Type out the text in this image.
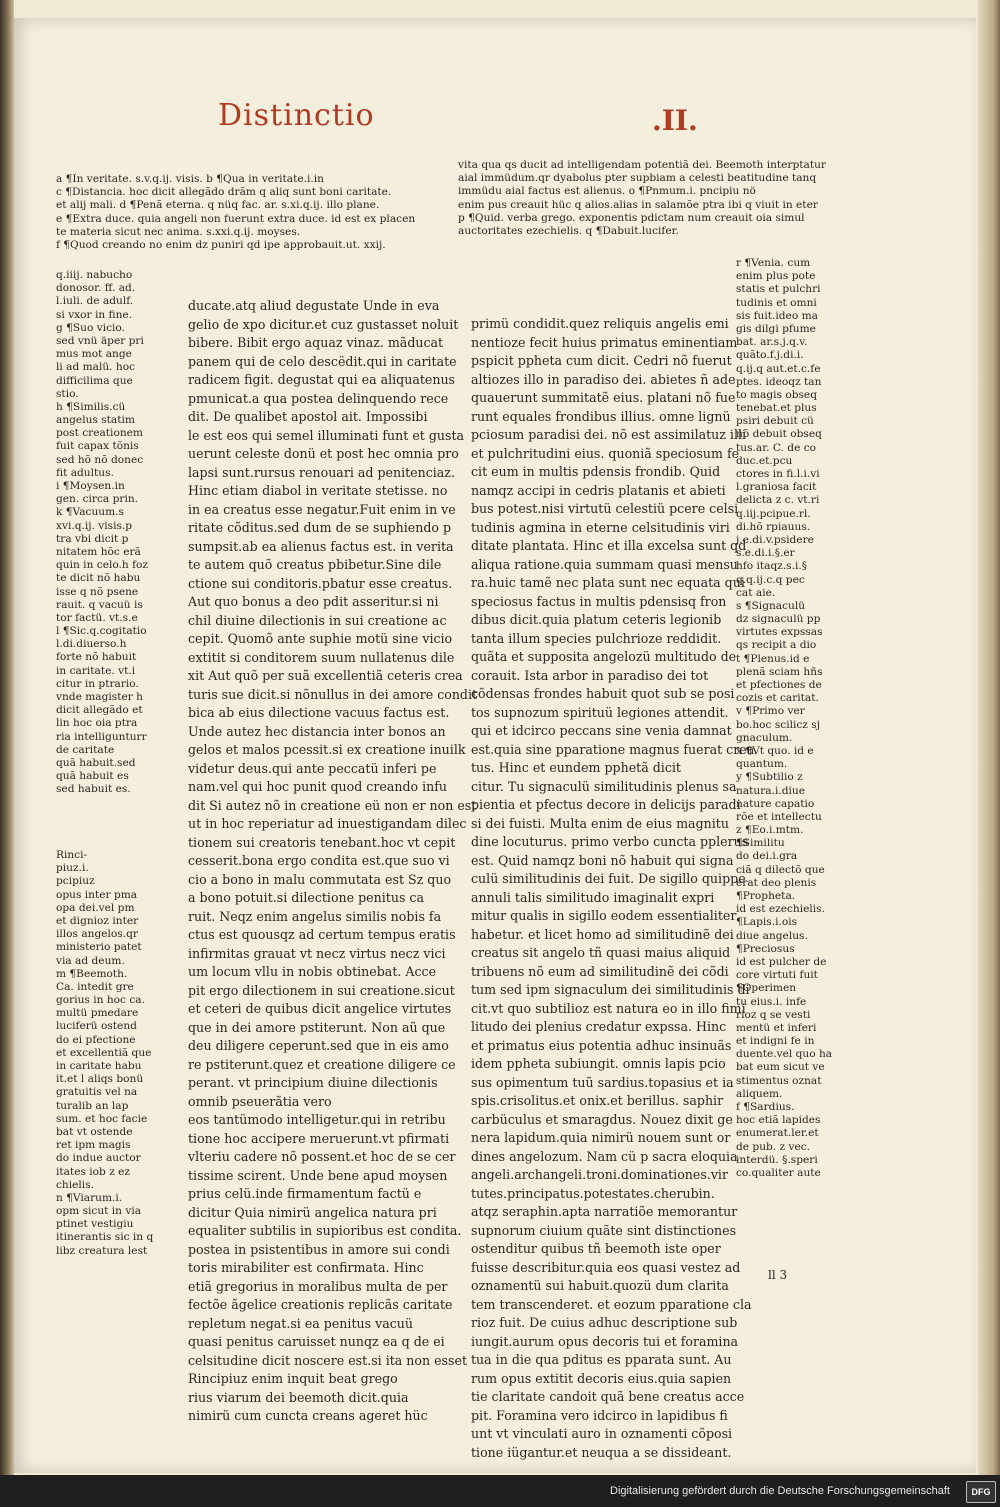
Distinctio	.II.
a ¶In veritate. s.v.q.ij. visis. b ¶Qua in veritate.i.in
c ¶Distancia. hoc dicit allegãdo drãm q aliq sunt boni caritate.
et alij mali. d ¶Penã eterna. q nüq fac. ar. s.xi.q.ij. illo plane.
e ¶Extra duce. quia angeli non fuerunt extra duce. id est ex placen
te materia sicut nec anima. s.xxi.q.ij. moyses.
f ¶Quod creando no enim dz puniri qd ipe approbauit.ut. xxij.
vita qua qs ducit ad intelligendam potentiã dei. Beemoth interptatur
aial immüdum.qr dyabolus pter supbiam a celesti beatitudine tanq
immüdu aial factus est alienus. o ¶Pnmum.i. pncipiu nö
enim pus creauit hüc q alios.alias in salamõe ptra ibi q viuit in eter
p ¶Quid. verba grego. exponentis pdictam num creauit oia simul
auctoritates ezechielis. q ¶Dabuit.lucifer.
q.iiij. nabucho
donosor. ff. ad.
l.iuli. de adulf.
si vxor in fine.
g ¶Suo vicio.
sed vnü äper pri
mus mot ange
li ad malü. hoc
difficilima que
stio.
h ¶Similis.cü
angelus statim
post creationem
fuit capax tõnis
sed hõ nõ donec
fit adultus.
i ¶Moysen.in
gen. circa prin.
k ¶Vacuum.s
xvi.q.ij. visis.p
tra vbi dicit p
nitatem hõc erã
quin in celo.h foz
te dicit nõ habu
isse q nõ psene
rauit. q vacuü is
tor factü. vt.s.e
l ¶Sic.q.cogitatio
l.di.diuerso.h
forte nõ habuit
in caritate. vt.i
citur in ptrario.
vnde magister h
dicit allegãdo et
lin hoc oia ptra
ria intelligunturr
de caritate
quã habuit.sed
quã habuit es
sed habuit es.
Rinci-
piuz.i.
pcipiuz
opus inter pma
opa dei.vel pm
et dignioz inter
illos angelos.qr
ministerio patet
via ad deum.
m ¶Beemoth.
Ca. intedit gre
gorius in hoc ca.
multü pmedare
luciferü ostend
do ei pfectione
et excellentiã que
in caritate habu
it.et l aliqs bonü
gratuitis vel na
turalib an lap
sum. et hoc facie
bat vt ostende
ret ipm magis
do indue auctor
itates iob z ez
chielis.
n ¶Viarum.i.
opm sicut in via
ptinet vestigiu
itinerantis sic in q
libz creatura lest
ducate.atq aliud degustate Unde in eva
gelio de xpo dicitur.et cuz gustasset noluit
bibere. Bibit ergo aquaz vinaz. mãducat
panem qui de celo descëdit.qui in caritate
radicem figit. degustat qui ea aliquatenus
pmunicat.a qua postea delinquendo rece
dit. De qualibet apostol ait. Impossibi
le est eos qui semel illuminati funt et gusta
uerunt celeste donü et post hec omnia pro
lapsi sunt.rursus renouari ad penitenciaz.
Hinc etiam diabol in veritate stetisse. no
in ea creatus esse negatur.Fuit enim in ve
ritate cõditus.sed dum de se suphiendo p
sumpsit.ab ea alienus factus est. in verita
te autem quõ creatus pbibetur.Sine dile
ctione sui conditoris.pbatur esse creatus.
Aut quo bonus a deo pdit asseritur.si ni
chil diuine dilectionis in sui creatione ac
cepit. Quomõ ante suphie motü sine vicio
extitit si conditorem suum nullatenus dile
xit Aut quõ per suã excellentiã ceteris crea
turis sue dicit.si nõnullus in dei amore condit
bica ab eius dilectione vacuus factus est.
Unde autez hec distancia inter bonos an
gelos et malos pcessit.si ex creatione inuilk
videtur deus.qui ante peccatü inferi pe
nam.vel qui hoc punit quod creando infu
dit Si autez nõ in creatione eü non er non est
ut in hoc reperiatur ad inuestigandam dilec
tionem sui creatoris tenebant.hoc vt cepit
cesserit.bona ergo condita est.que suo vi
cio a bono in malu commutata est Sz quo
a bono potuit.si dilectione penitus ca
ruit. Neqz enim angelus similis nobis fa
ctus est quousqz ad certum tempus eratis
infirmitas grauat vt necz virtus necz vici
um locum vllu in nobis obtinebat. Acce
pit ergo dilectionem in sui creatione.sicut
et ceteri de quibus dicit angelice virtutes
que in dei amore pstiterunt. Non aũ que
deu diligere ceperunt.sed que in eis amo
re pstiterunt.quez et creatione diligere ce
perant. vt principium diuine dilectionis
omnib pseuerãtia vero
eos tantümodo intelligetur.qui in retribu
tione hoc accipere meruerunt.vt pfirmati
vlteriu cadere nõ possent.et hoc de se cer
tissime scirent. Unde bene apud moysen
prius celü.inde firmamentum factü e
dicitur Quia nimirü angelica natura pri
equaliter subtilis in supioribus est condita.
postea in psistentibus in amore sui condi
toris mirabiliter est confirmata. Hinc
etiã gregorius in moralibus multa de per
fectõe ãgelice creationis replicãs caritate
repletum negat.si ea penitus vacuü
quasi penitus caruisset nunqz ea q de ei
celsitudine dicit noscere est.si ita non esset
Rincipiuz enim inquit beat grego
rius viarum dei beemoth dicit.quia
nimirü cum cuncta creans ageret hüc
primü condidit.quez reliquis angelis emi
nentioze fecit huius primatus eminentiam
pspicit ppheta cum dicit. Cedri nõ fuerut
altiozes illo in paradiso dei. abietes ñ ade
quauerunt summitatẽ eius. platani nõ fue
runt equales frondibus illius. omne lignü
pciosum paradisi dei. nõ est assimilatuz illi
et pulchritudini eius. quoniã speciosum fe
cit eum in multis pdensis frondib. Quid
namqz accipi in cedris platanis et abieti
bus potest.nisi virtutü celestiü pcere celsi
tudinis agmina in eterne celsitudinis viri
ditate plantata. Hinc et illa excelsa sunt qd
aliqua ratione.quia summam quasi mensu
ra.huic tamẽ nec plata sunt nec equata qui
speciosus factus in multis pdensisq fron
dibus dicit.quia platum ceteris legionib
tanta illum species pulchrioze reddidit.
quãta et supposita angelozü multitudo de
corauit. Ista arbor in paradiso dei tot
cõdensas frondes habuit quot sub se posi
tos supnozum spirituü legiones attendit.
qui et idcirco peccans sine venia damnat
est.quia sine pparatione magnus fuerat crea
tus. Hinc et eundem pphetã dicit
citur. Tu signaculü similitudinis plenus sa
pientia et pfectus decore in delicijs paradi
si dei fuisti. Multa enim de eius magnitu
dine locuturus. primo verbo cuncta pplerus
est. Quid namqz boni nõ habuit qui signa
culü similitudinis dei fuit. De sigillo quippe
annuli talis similitudo imaginalit expri
mitur qualis in sigillo eodem essentialiter
habetur. et licet homo ad similitudinẽ dei
creatus sit angelo tñ quasi maius aliquid
tribuens nõ eum ad similitudinẽ dei cõdi
tum sed ipm signaculum dei similitudinis di
cit.vt quo subtilioz est natura eo in illo fimi
litudo dei plenius credatur expssa. Hinc
et primatus eius potentia adhuc insinuãs
idem ppheta subiungit. omnis lapis pcio
sus opimentum tuũ sardius.topasius et ia
spis.crisolitus.et onix.et berillus. saphir
carbüculus et smaragdus. Nouez dixit ge
nera lapidum.quia nimirü nouem sunt or
dines angelozum. Nam cü p sacra eloquia
angeli.archangeli.troni.dominationes.vir
tutes.principatus.potestates.cherubin.
atqz seraphin.apta narratiõe memorantur
supnorum ciuium quãte sint distinctiones
ostenditur quibus tñ beemoth iste oper
fuisse describitur.quia eos quasi vestez ad
oznamentü sui habuit.quozü dum clarita
tem transcenderet. et eozum pparatione cla
rioz fuit. De cuius adhuc descriptione sub
iungit.aurum opus decoris tui et foramina
tua in die qua pditus es pparata sunt. Au
rum opus extitit decoris eius.quia sapien
tie claritate candoit quã bene creatus acce
pit. Foramina vero idcirco in lapidibus fi
unt vt vinculati auro in oznamenti cõposi
tione iügantur.et neuqua a se dissideant.
r ¶Venia. cum
enim plus pote
statis et pulchri
tudinis et omni
sis fuit.ideo ma
gis dilgi pfume
bat. ar.s.j.q.v.
quãto.f.j.di.i.
q.ij.q aut.et.c.fe
ptes. ideoqz tan
to magis obseq
tenebat.et plus
psiri debuit cü
nõ debuit obseq
tus.ar. C. de co
duc.et.pcu
ctores in fi.l.i.vi
l.graniosa facit
delicta z c. vt.ri
q.iij.pcipue.rl.
di.hõ rpiauus.
j.e.di.v.psidere
s.e.di.i.§.er
hfo itaqz.s.i.§
q.q.ij.c.q pec
cat aie.
s ¶Signaculü
dz signaculü pp
virtutes expssas
qs recipit a dio
t ¶Plenus.id e
plenã sciam hñs
et pfectiones de
cozis et caritat.
v ¶Primo ver
bo.hoc scilicz sj
gnaculum.
x ¶Vt quo. id e
quantum.
y ¶Subtilio z
natura.i.diue
nature capatio
rõe et intellectu
z ¶Eo.i.mtm.
¶Similitu
do dei.i.gra
ciã q dilectõ que
erat deo plenis
¶Propheta.
id est ezechielis.
¶Lapis.i.ois
diue angelus.
¶Preciosus
id est pulcher de
core virtuti fuit
¶Operimen
tu eius.i. infe
rioz q se vesti
mentü et inferi
et indigni fe in
duente.vel quo ha
bat eum sicut ve
stimentus oznat
aliquem.
f ¶Sardius.
hoc etiã lapides
enumerat.ler.et
de pub. z vec.
interdü. §.speri
co.qualiter aute
ll 3
Digitalisierung gefördert durch die Deutsche Forschungsgemeinschaft	DFG
